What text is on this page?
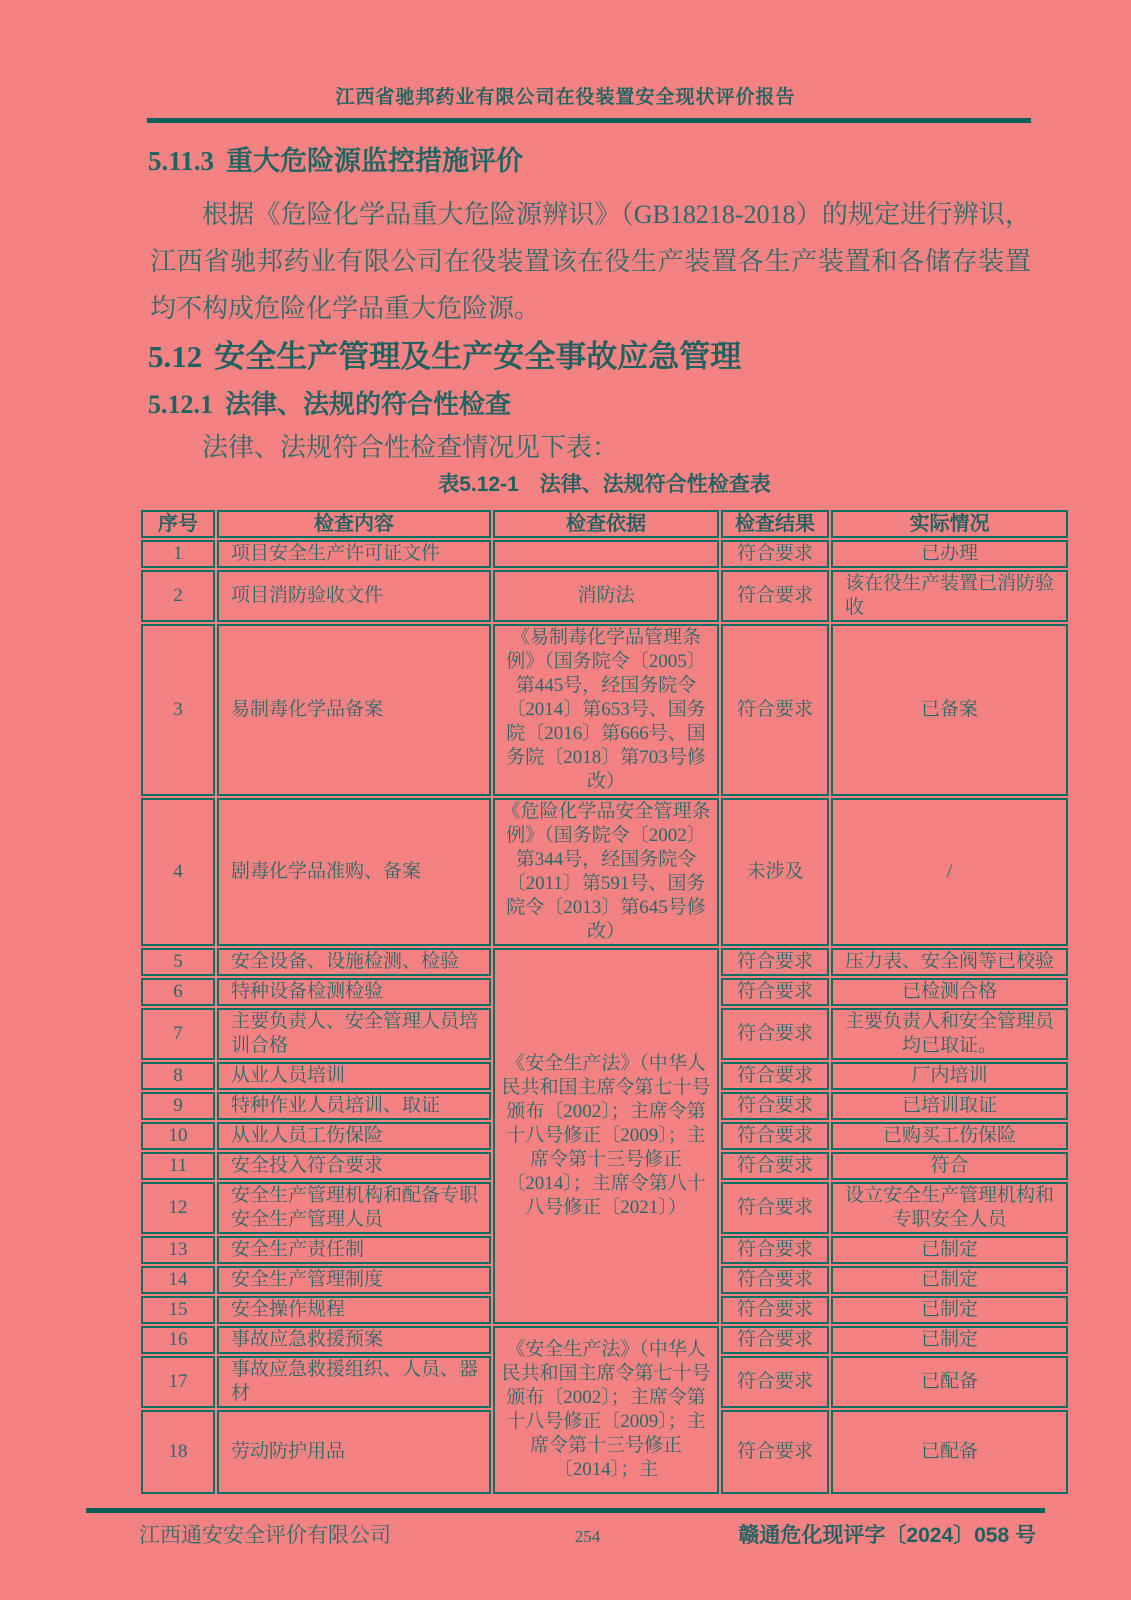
江西省驰邦药业有限公司在役装置安全现状评价报告
5.11.3 重大危险源监控措施评价
根据《危险化学品重大危险源辨识》（GB18218-2018）的规定进行辨识，江西省驰邦药业有限公司在役装置该在役生产装置各生产装置和各储存装置均不构成危险化学品重大危险源。
5.12 安全生产管理及生产安全事故应急管理
5.12.1 法律、法规的符合性检查
法律、法规符合性检查情况见下表：
表5.12-1　法律、法规符合性检查表
序号	检查内容	检查依据	检查结果	实际情况
1	项目安全生产许可证文件		符合要求	已办理
2	项目消防验收文件	消防法	符合要求	该在役生产装置已消防验收
3	易制毒化学品备案	《易制毒化学品管理条例》（国务院令〔2005〕第445号，经国务院令〔2014〕第653号、国务院〔2016〕第666号、国务院〔2018〕第703号修改）	符合要求	已备案
4	剧毒化学品准购、备案	《危险化学品安全管理条例》（国务院令〔2002〕第344号，经国务院令〔2011〕第591号、国务院令〔2013〕第645号修改）	未涉及	/
5	安全设备、设施检测、检验	《安全生产法》（中华人民共和国主席令第七十号颁布〔2002〕；主席令第十八号修正〔2009〕；主席令第十三号修正〔2014〕；主席令第八十八号修正〔2021〕）	符合要求	压力表、安全阀等已校验
6	特种设备检测检验		符合要求	已检测合格
7	主要负责人、安全管理人员培训合格		符合要求	主要负责人和安全管理员均已取证。
8	从业人员培训		符合要求	厂内培训
9	特种作业人员培训、取证		符合要求	已培训取证
10	从业人员工伤保险		符合要求	已购买工伤保险
11	安全投入符合要求		符合要求	符合
12	安全生产管理机构和配备专职安全生产管理人员		符合要求	设立安全生产管理机构和专职安全人员
13	安全生产责任制		符合要求	已制定
14	安全生产管理制度		符合要求	已制定
15	安全操作规程		符合要求	已制定
16	事故应急救援预案	《安全生产法》（中华人民共和国主席令第七十号颁布〔2002〕；主席令第十八号修正〔2009〕；主席令第十三号修正〔2014〕；主	符合要求	已制定
17	事故应急救援组织、人员、器材		符合要求	已配备
18	劳动防护用品		符合要求	已配备
江西通安安全评价有限公司	254	赣通危化现评字〔2024〕058 号
